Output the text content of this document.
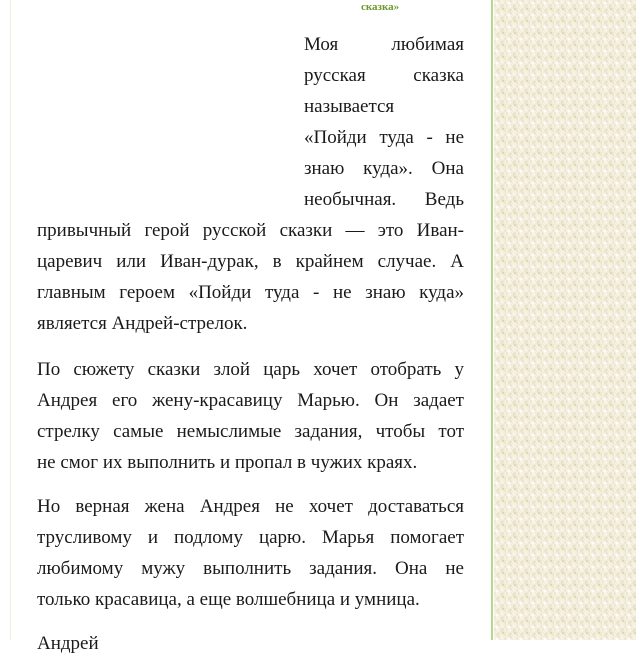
сказка»

Моя любимая
русская сказка
называется
«Пойди туда - не
знаю куда». Она
необычная. Ведь
привычный герой русской сказки — это Иван-
царевич или Иван-дурак, в крайнем случае. А
главным героем «Пойди туда - не знаю куда»
является Андрей-стрелок.
По сюжету сказки злой царь хочет отобрать у
Андрея его жену-красавицу Марью. Он задает
стрелку самые немыслимые задания, чтобы тот
не смог их выполнить и пропал в чужих краях.
Но верная жена Андрея не хочет доставаться
трусливому и подлому царю. Марья помогает
любимому мужу выполнить задания. Она не
только красавица, а еще волшебница и умница.
Андрей
